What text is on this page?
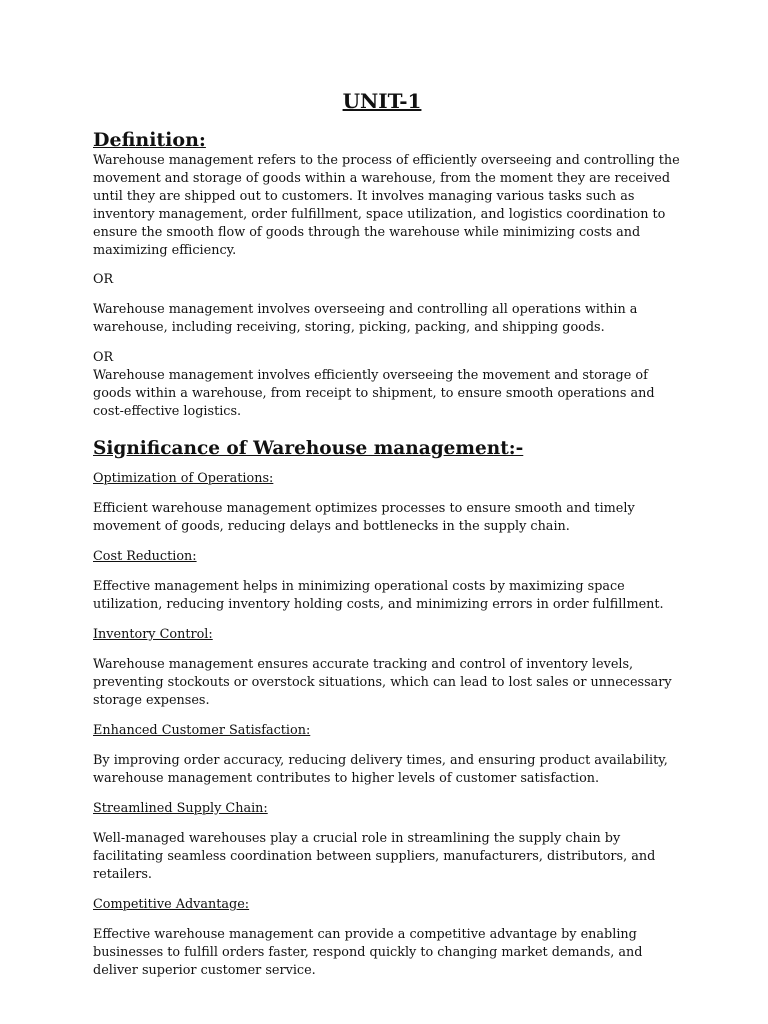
UNIT-1
Definition:

Warehouse management refers to the process of efficiently overseeing and controlling the movement and storage of goods within a warehouse, from the moment they are received until they are shipped out to customers. It involves managing various tasks such as inventory management, order fulfillment, space utilization, and logistics coordination to ensure the smooth flow of goods through the warehouse while minimizing costs and maximizing efficiency.

OR

Warehouse management involves overseeing and controlling all operations within a warehouse, including receiving, storing, picking, packing, and shipping goods.

OR

Warehouse management involves efficiently overseeing the movement and storage of goods within a warehouse, from receipt to shipment, to ensure smooth operations and cost-effective logistics.

Significance of Warehouse management:-
Optimization of Operations:

Efficient warehouse management optimizes processes to ensure smooth and timely movement of goods, reducing delays and bottlenecks in the supply chain.

Cost Reduction:

Effective management helps in minimizing operational costs by maximizing space utilization, reducing inventory holding costs, and minimizing errors in order fulfillment.

Inventory Control:

Warehouse management ensures accurate tracking and control of inventory levels, preventing stockouts or overstock situations, which can lead to lost sales or unnecessary storage expenses.

Enhanced Customer Satisfaction:

By improving order accuracy, reducing delivery times, and ensuring product availability, warehouse management contributes to higher levels of customer satisfaction.

Streamlined Supply Chain:

Well-managed warehouses play a crucial role in streamlining the supply chain by facilitating seamless coordination between suppliers, manufacturers, distributors, and retailers.

Competitive Advantage:

Effective warehouse management can provide a competitive advantage by enabling businesses to fulfill orders faster, respond quickly to changing market demands, and deliver superior customer service.
